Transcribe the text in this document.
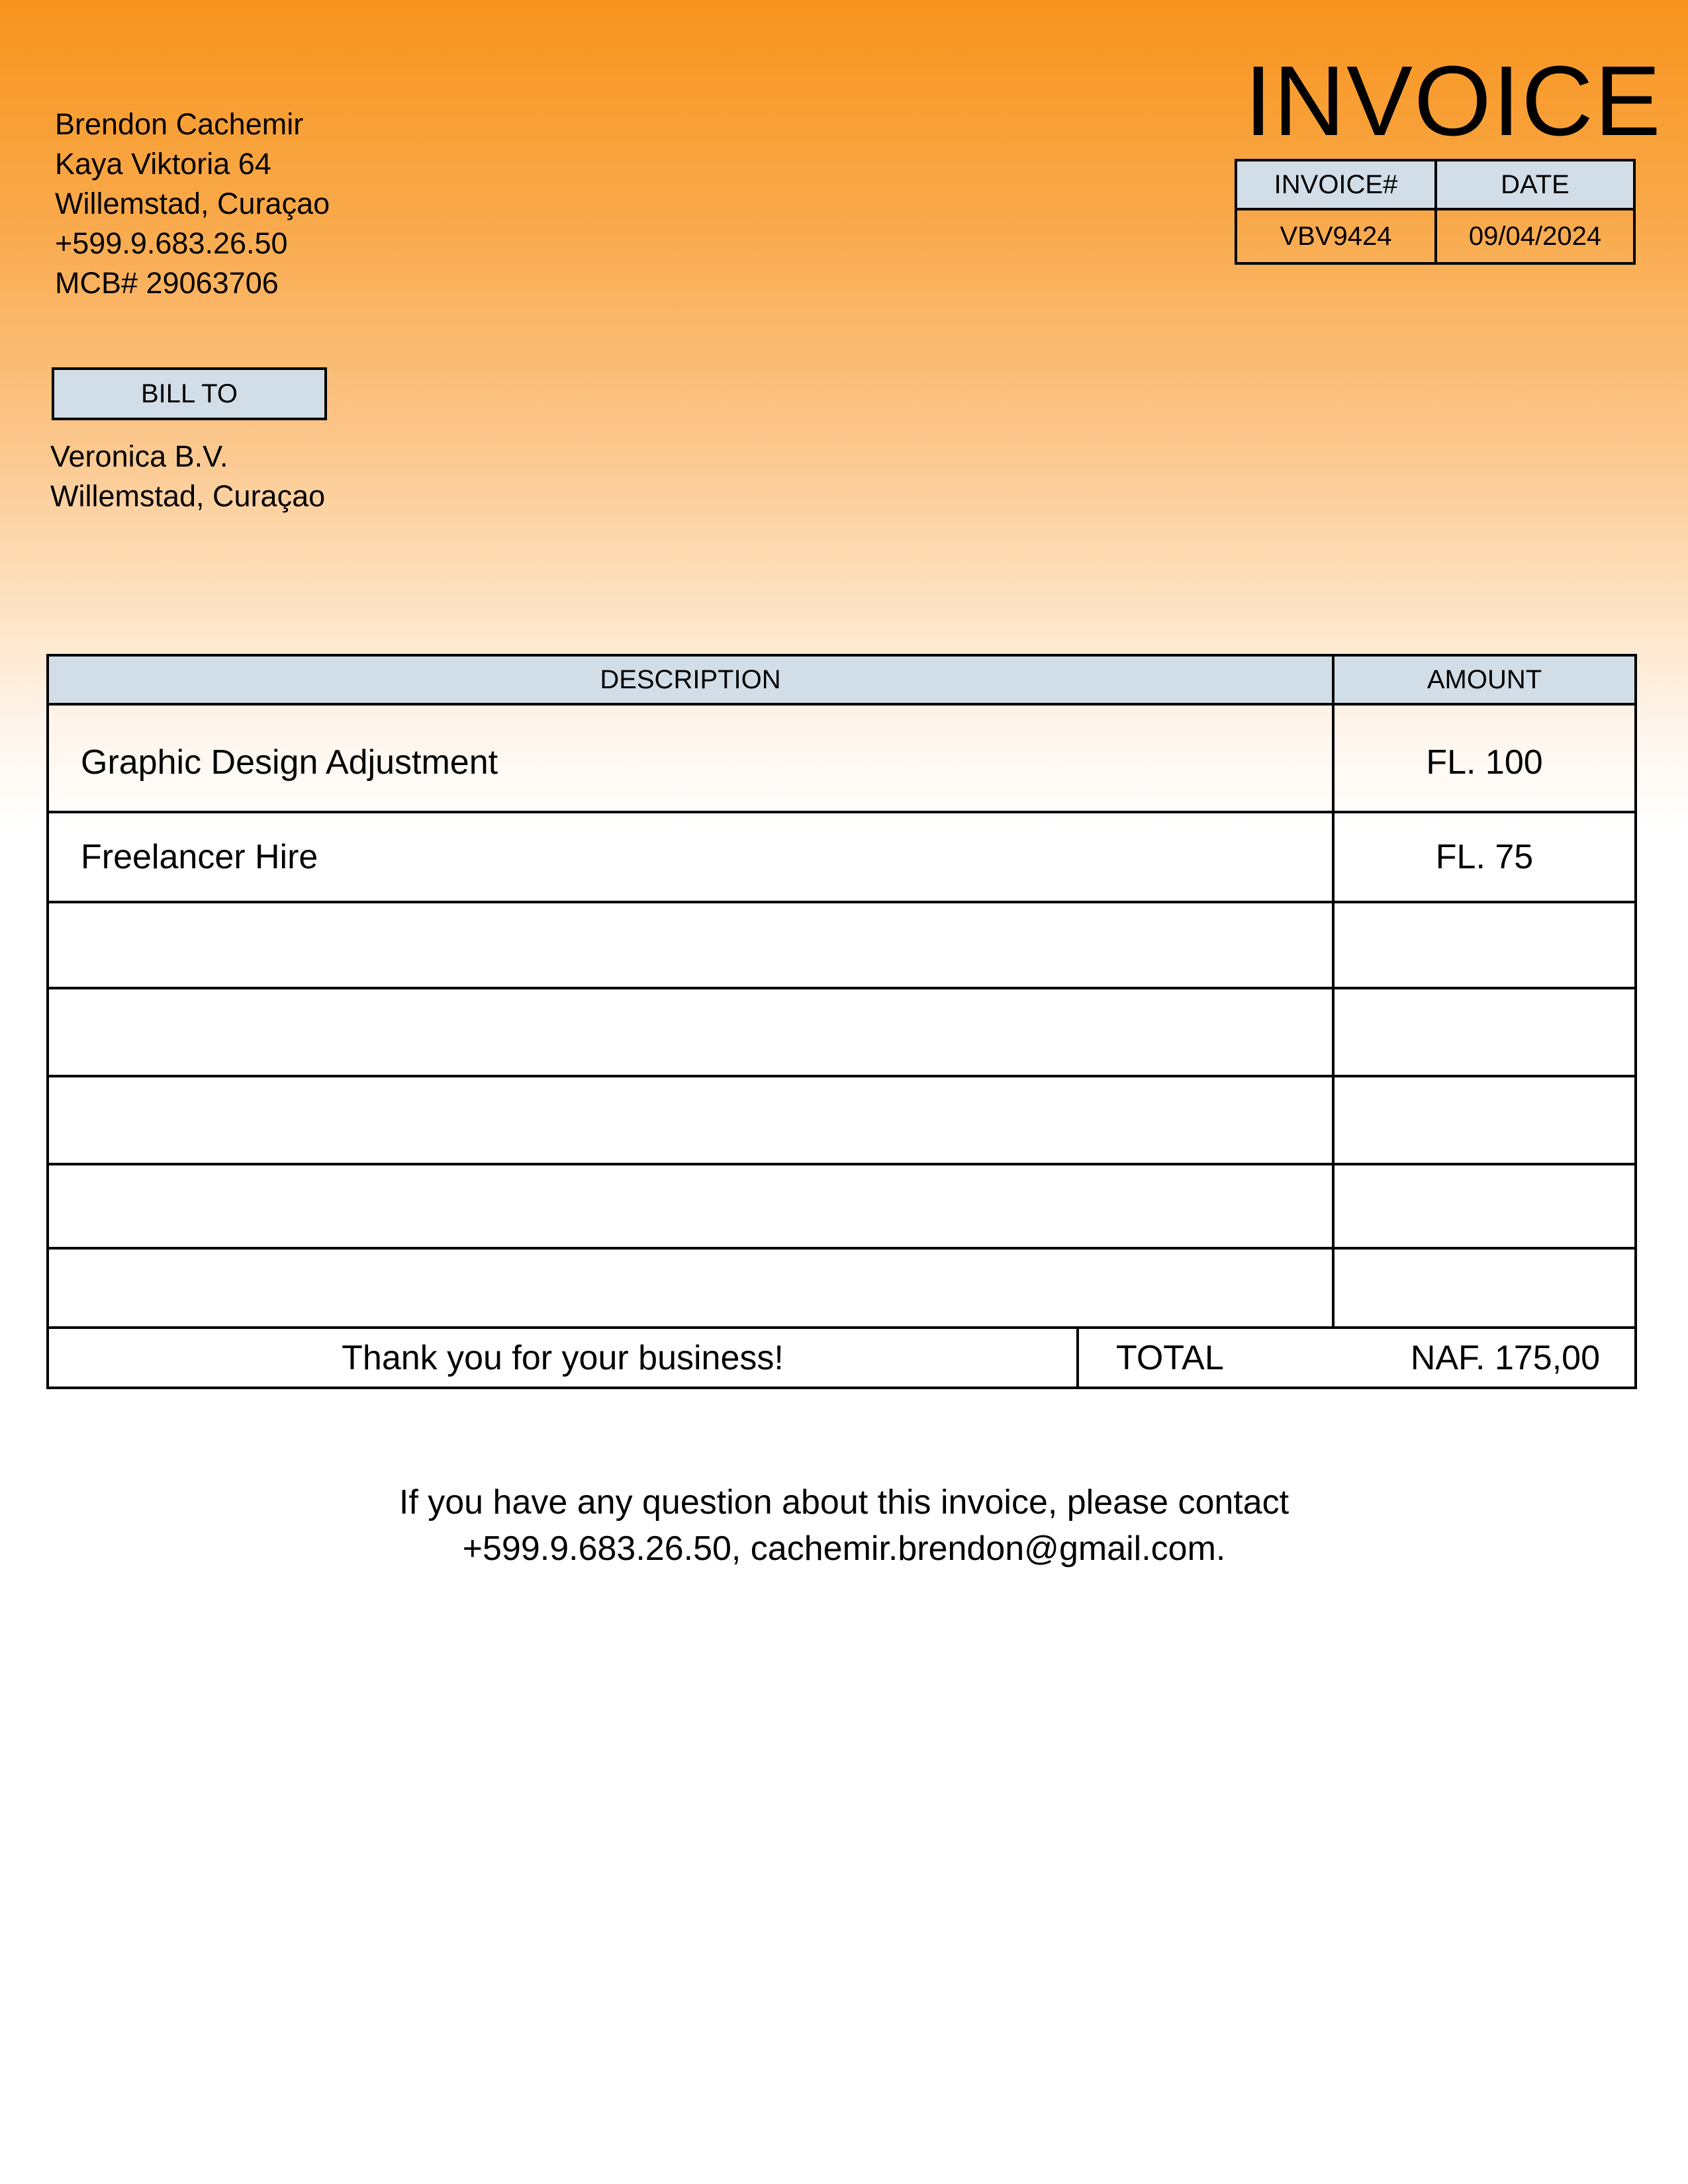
Brendon Cachemir
Kaya Viktoria 64
Willemstad, Curaçao
+599.9.683.26.50
MCB# 29063706
INVOICE
INVOICE#	DATE
VBV9424	09/04/2024
BILL TO
Veronica B.V.
Willemstad, Curaçao
DESCRIPTION	AMOUNT
Graphic Design Adjustment	FL. 100
Freelancer Hire	FL. 75
Thank you for your business!	TOTAL	NAF. 175,00
If you have any question about this invoice, please contact
+599.9.683.26.50, cachemir.brendon@gmail.com.
